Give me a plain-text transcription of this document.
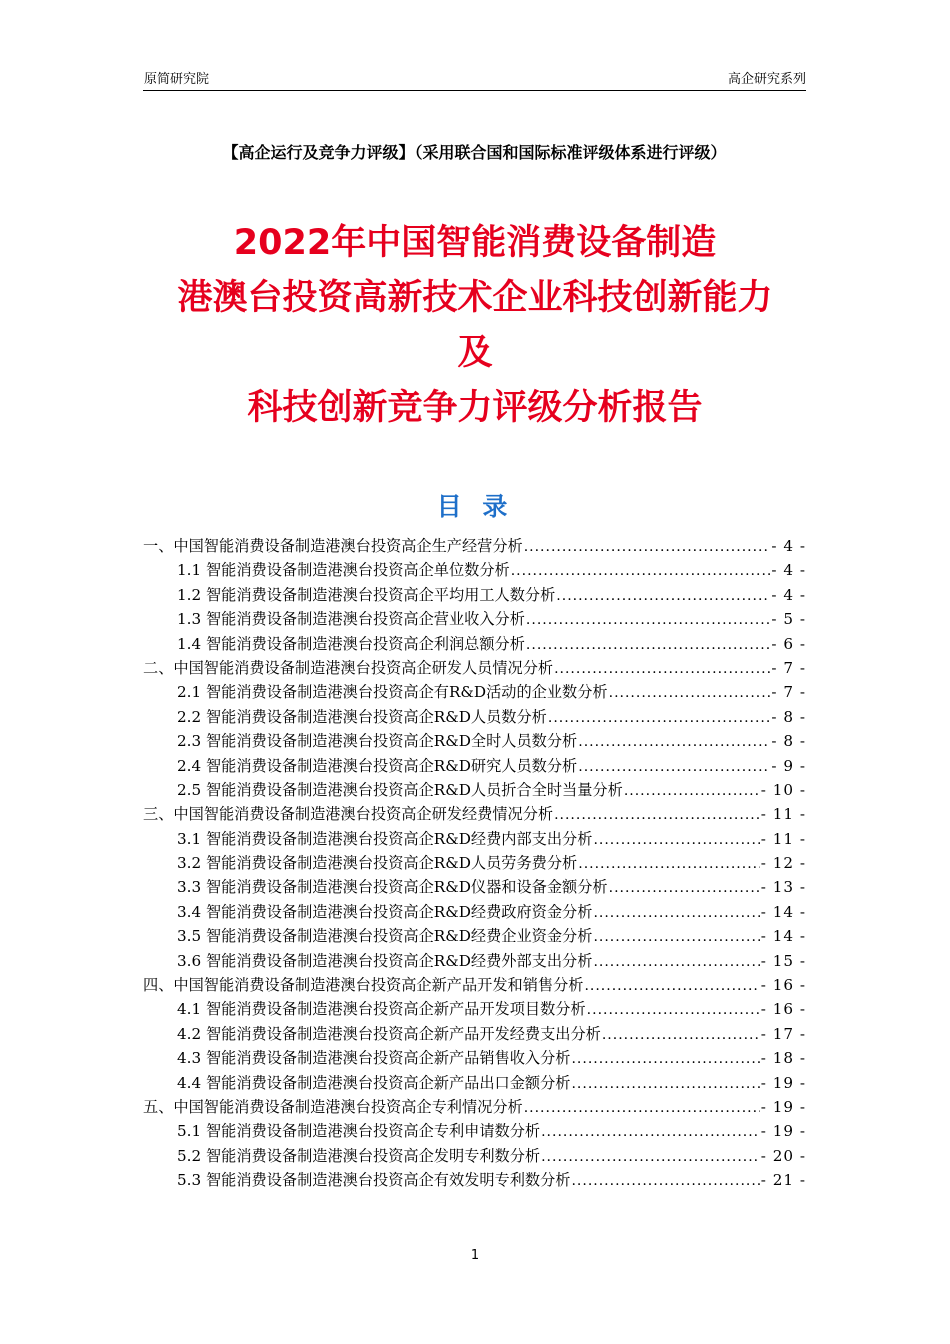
原简研究院	高企研究系列
【高企运行及竞争力评级】（采用联合国和国际标准评级体系进行评级）
2022年中国智能消费设备制造
港澳台投资高新技术企业科技创新能力
及
科技创新竞争力评级分析报告
目 录
一、中国智能消费设备制造港澳台投资高企生产经营分析 .....	- 4 -
1.1 智能消费设备制造港澳台投资高企单位数分析 .....	- 4 -
1.2 智能消费设备制造港澳台投资高企平均用工人数分析 .....	- 4 -
1.3 智能消费设备制造港澳台投资高企营业收入分析 .....	- 5 -
1.4 智能消费设备制造港澳台投资高企利润总额分析 .....	- 6 -
二、中国智能消费设备制造港澳台投资高企研发人员情况分析 .....	- 7 -
2.1 智能消费设备制造港澳台投资高企有R&D活动的企业数分析 .....	- 7 -
2.2 智能消费设备制造港澳台投资高企R&D人员数分析 .....	- 8 -
2.3 智能消费设备制造港澳台投资高企R&D全时人员数分析 .....	- 8 -
2.4 智能消费设备制造港澳台投资高企R&D研究人员数分析 .....	- 9 -
2.5 智能消费设备制造港澳台投资高企R&D人员折合全时当量分析 .....	- 10 -
三、中国智能消费设备制造港澳台投资高企研发经费情况分析 .....	- 11 -
3.1 智能消费设备制造港澳台投资高企R&D经费内部支出分析 .....	- 11 -
3.2 智能消费设备制造港澳台投资高企R&D人员劳务费分析 .....	- 12 -
3.3 智能消费设备制造港澳台投资高企R&D仪器和设备金额分析 .....	- 13 -
3.4 智能消费设备制造港澳台投资高企R&D经费政府资金分析 .....	- 14 -
3.5 智能消费设备制造港澳台投资高企R&D经费企业资金分析 .....	- 14 -
3.6 智能消费设备制造港澳台投资高企R&D经费外部支出分析 .....	- 15 -
四、中国智能消费设备制造港澳台投资高企新产品开发和销售分析 .....	- 16 -
4.1 智能消费设备制造港澳台投资高企新产品开发项目数分析 .....	- 16 -
4.2 智能消费设备制造港澳台投资高企新产品开发经费支出分析 .....	- 17 -
4.3 智能消费设备制造港澳台投资高企新产品销售收入分析 .....	- 18 -
4.4 智能消费设备制造港澳台投资高企新产品出口金额分析 .....	- 19 -
五、中国智能消费设备制造港澳台投资高企专利情况分析 .....	- 19 -
5.1 智能消费设备制造港澳台投资高企专利申请数分析 .....	- 19 -
5.2 智能消费设备制造港澳台投资高企发明专利数分析 .....	- 20 -
5.3 智能消费设备制造港澳台投资高企有效发明专利数分析 .....	- 21 -
1
